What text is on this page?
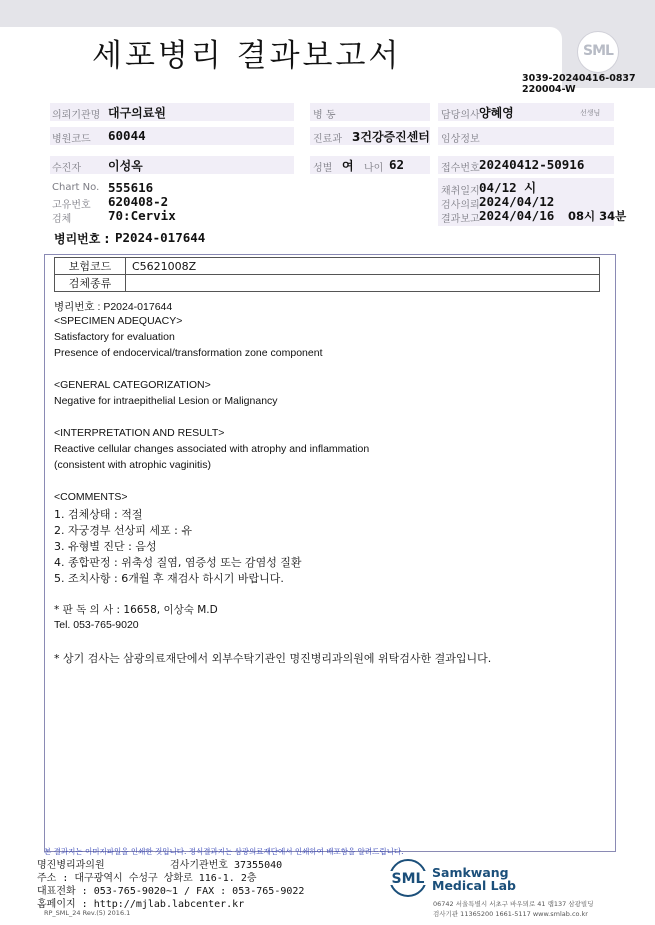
세포병리 결과보고서	SML
3039-20240416-0837
220004-W
의뢰기관명 대구의료원	병 동	담당의사 양혜영	선생님
병원코드 60044	진료과 3건강증진센터 임상정보
수진자 이성옥	성별 여 나이 62	접수번호 20240412-50916
Chart No. 555616	채취일지 04/12 시
고유번호 620408-2	검사의뢰 2024/04/12
검체	70:Cervix	결과보고 2024/04/16 08시 34분
병리번호 : P2024-017644
보험코드	C5621008Z
검체종류	
병리번호 : P2024-017644
<SPECIMEN ADEQUACY>
Satisfactory for evaluation
Presence of endocervical/transformation zone component
<GENERAL CATEGORIZATION>
Negative for intraepithelial Lesion or Malignancy
<INTERPRETATION AND RESULT>
Reactive cellular changes associated with atrophy and inflammation
(consistent with atrophic vaginitis)
<COMMENTS>
1. 검체상태 : 적절
2. 자궁경부 선상피 세포 : 유
3. 유형별 진단 : 음성
4. 종합판정 : 위축성 질염, 염증성 또는 감염성 질환
5. 조치사항 : 6개월 후 재검사 하시기 바랍니다.
* 판 독 의 사 : 16658, 이상숙 M.D
Tel. 053-765-9020
* 상기 검사는 삼광의료재단에서 외부수탁기관인 명진병리과의원에 위탁검사한 결과입니다.
본 결과지는 이미지파일을 인쇄한 것입니다. 정식결과지는 삼광의료재단에서 인쇄하여 배포함을 알려드립니다.
명진병리과의원	검사기관번호 37355040
주소 : 대구광역시 수성구 상화로 116-1. 2층
대표전화 : 053-765-9020~1 / FAX : 053-765-9022
홈페이지 : http://mjlab.labcenter.kr
RP_SML_24 Rev.(5) 2016.1
SML Samkwang
Medical Lab
06742 서울특별시 서초구 바우뫼로 41 랩137 삼광빌딩
검사기관 11365200 1661-5117 www.smlab.co.kr
